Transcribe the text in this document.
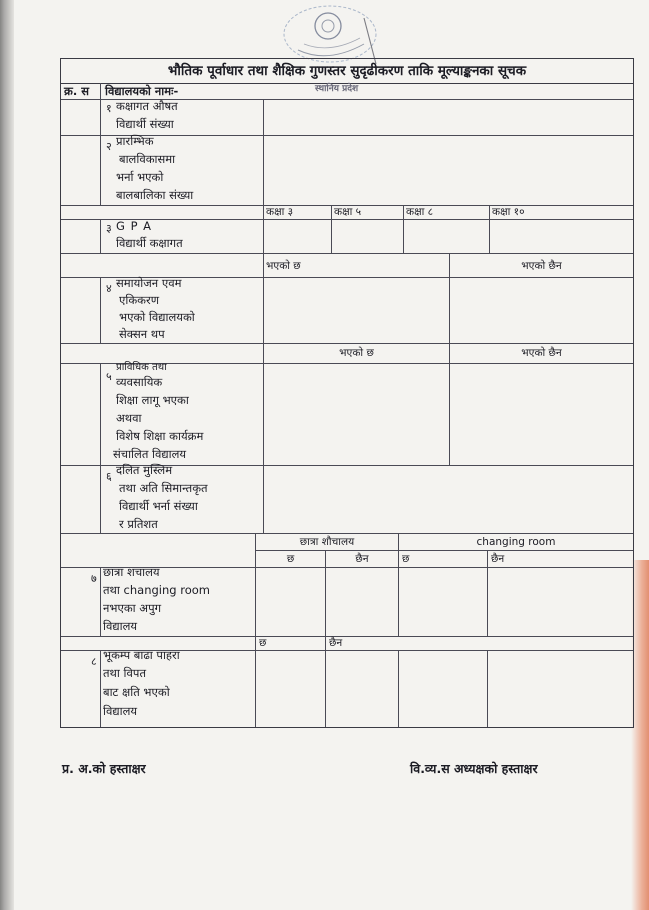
भौतिक पूर्वाधार तथा शैक्षिक गुणस्तर सुदृढीकरण ताकि मूल्याङ्कनका सूचक
क्र. स	विद्यालयको नामः-	स्थानिय प्रदेश
१ कक्षागत औषत
विद्यार्थी संख्या
२ प्रारम्भिक
बालविकासमा
भर्ना भएको
बालबालिका संख्या
कक्षा ३	कक्षा ५	कक्षा ८	कक्षा १०
३ G P A
विद्यार्थी कक्षागत
भएको छ	भएको छैन
४ समायोजन एवम
एकिकरण
भएको विद्यालयको
सेक्सन थप
भएको छ	भएको छैन
५
प्राविधिक तथा
व्यवसायिक
शिक्षा लागू भएका
अथवा
विशेष शिक्षा कार्यक्रम
संचालित विद्यालय
६ दलित मुस्लिम
तथा अति सिमान्तकृत
विद्यार्थी भर्ना संख्या
र प्रतिशत
छात्रा शौचालय	changing room
छ	छैन	छ	छैन
७ छात्रा शचालय
तथा changing room
नभएका अपुग
विद्यालय
छ	छैन
८ भूकम्प बाढा पाहरा
तथा विपत
बाट क्षति भएको
विद्यालय
प्र. अ.को हस्ताक्षर	वि.व्य.स अध्यक्षको हस्ताक्षर
